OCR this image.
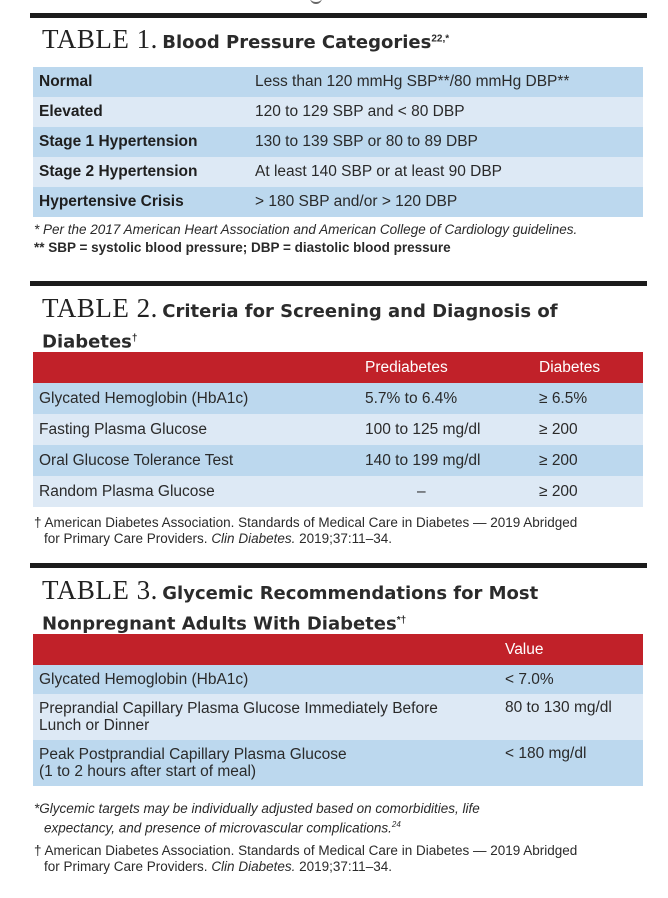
TABLE 1. Blood Pressure Categories$^{22,*}$
Normal	Less than 120 mmHg SBP**/80 mmHg DBP**
Elevated	120 to 129 SBP and < 80 DBP
Stage 1 Hypertension	130 to 139 SBP or 80 to 89 DBP
Stage 2 Hypertension	At least 140 SBP or at least 90 DBP
Hypertensive Crisis	> 180 SBP and/or > 120 DBP
* Per the 2017 American Heart Association and American College of Cardiology guidelines.
** SBP = systolic blood pressure; DBP = diastolic blood pressure
TABLE 2. Criteria for Screening and Diagnosis of
Diabetes†
	Prediabetes	Diabetes
Glycated Hemoglobin (HbA1c)	5.7% to 6.4%	≥ 6.5%
Fasting Plasma Glucose	100 to 125 mg/dl	≥ 200
Oral Glucose Tolerance Test	140 to 199 mg/dl	≥ 200
Random Plasma Glucose	–	≥ 200
† American Diabetes Association. Standards of Medical Care in Diabetes — 2019 Abridged
for Primary Care Providers. Clin Diabetes. 2019;37:11–34.
TABLE 3. Glycemic Recommendations for Most
Nonpregnant Adults With Diabetes*†
	Value

Glycated Hemoglobin (HbA1c)	< 7.0%

Preprandial Capillary Plasma Glucose Immediately Before
Lunch or Dinner	80 to 130 mg/dl

Peak Postprandial Capillary Plasma Glucose
(1 to 2 hours after start of meal)	< 180 mg/dl
*Glycemic targets may be individually adjusted based on comorbidities, life
expectancy, and presence of microvascular complications.$^{24}$
† American Diabetes Association. Standards of Medical Care in Diabetes — 2019 Abridged
for Primary Care Providers. Clin Diabetes. 2019;37:11–34.
